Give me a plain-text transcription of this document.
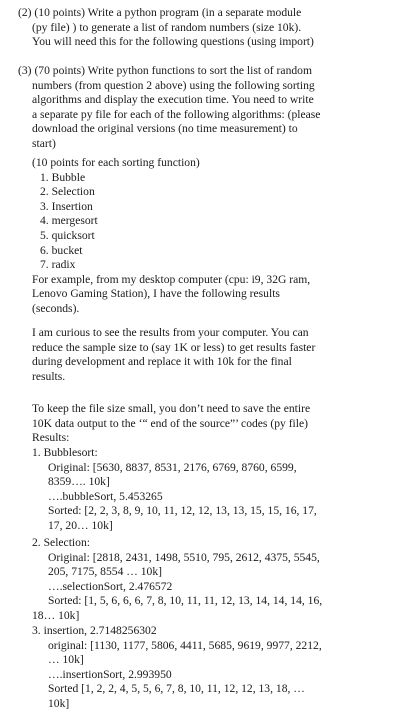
(2) (10 points) Write a python program (in a separate module
(py file) ) to generate a list of random numbers (size 10k).
You will need this for the following questions (using import)
(3) (70 points) Write python functions to sort the list of random
numbers (from question 2 above) using the following sorting
algorithms and display the execution time. You need to write
a separate py file for each of the following algorithms: (please
download the original versions (no time measurement) to
start)
(10 points for each sorting function)
1. Bubble
2. Selection
3. Insertion
4. mergesort
5. quicksort
6. bucket
7. radix
For example, from my desktop computer (cpu: i9, 32G ram,
Lenovo Gaming Station), I have the following results
(seconds).
I am curious to see the results from your computer. You can
reduce the sample size to (say 1K or less) to get results faster
during development and replace it with 10k for the final
results.
To keep the file size small, you don’t need to save the entire
10K data output to the ‘“ end of the source”’ codes (py file)
Results:
1. Bubblesort:
Original: [5630, 8837, 8531, 2176, 6769, 8760, 6599,
8359…. 10k]
….bubbleSort, 5.453265
Sorted: [2, 2, 3, 8, 9, 10, 11, 12, 12, 13, 13, 15, 15, 16, 17,
17, 20… 10k]
2. Selection:
Original: [2818, 2431, 1498, 5510, 795, 2612, 4375, 5545,
205, 7175, 8554 … 10k]
….selectionSort, 2.476572
Sorted: [1, 5, 6, 6, 6, 7, 8, 10, 11, 11, 12, 13, 14, 14, 14, 16,
18… 10k]
3. insertion, 2.7148256302
original: [1130, 1177, 5806, 4411, 5685, 9619, 9977, 2212,
… 10k]
….insertionSort, 2.993950
Sorted [1, 2, 2, 4, 5, 5, 6, 7, 8, 10, 11, 12, 12, 13, 18, …
10k]
